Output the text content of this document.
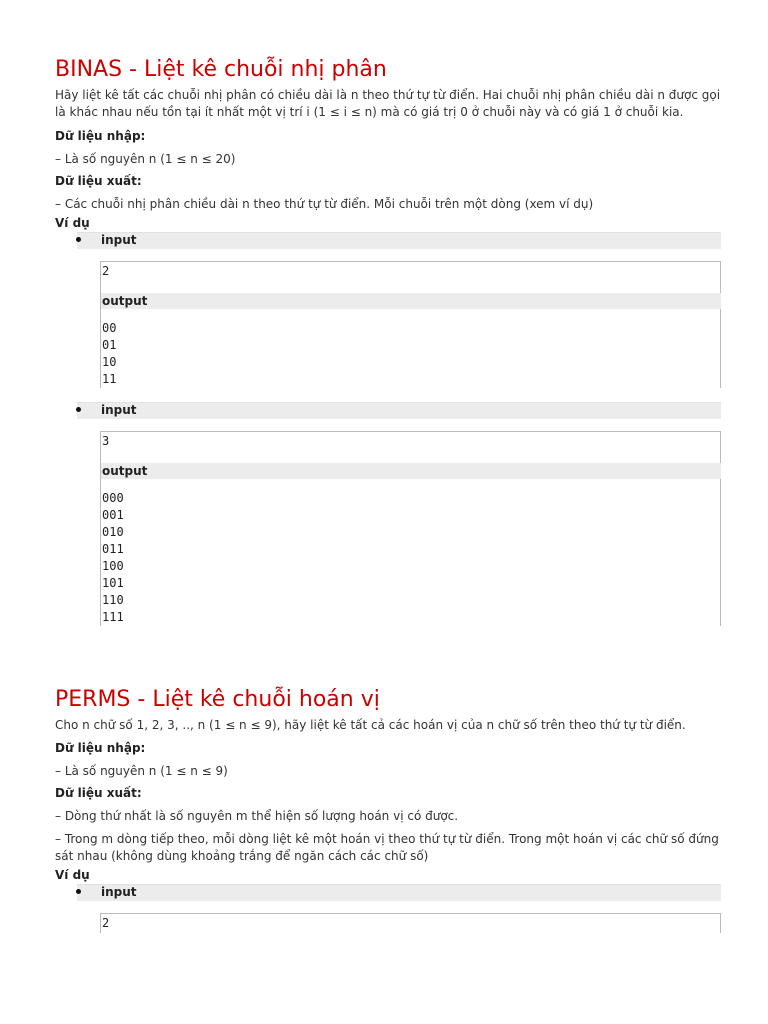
BINAS - Liệt kê chuỗi nhị phân

Hãy liệt kê tất các chuỗi nhị phân có chiều dài là n theo thứ tự từ điển. Hai chuỗi nhị phân chiều dài n được gọi là khác nhau nếu tồn tại ít nhất một vị trí i (1 ≤ i ≤ n) mà có giá trị 0 ở chuỗi này và có giá 1 ở chuỗi kia.

Dữ liệu nhập:

– Là số nguyên n (1 ≤ n ≤ 20)

Dữ liệu xuất:

– Các chuỗi nhị phân chiều dài n theo thứ tự từ điển. Mỗi chuỗi trên một dòng (xem ví dụ)

Ví dụ

input
2
output
00
01
10
11
input
3
output
000
001
010
011
100
101
110
111
PERMS - Liệt kê chuỗi hoán vị

Cho n chữ số 1, 2, 3, .., n (1 ≤ n ≤ 9), hãy liệt kê tất cả các hoán vị của n chữ số trên theo thứ tự từ điển.

Dữ liệu nhập:

– Là số nguyên n (1 ≤ n ≤ 9)

Dữ liệu xuất:

– Dòng thứ nhất là số nguyên m thể hiện số lượng hoán vị có được.

– Trong m dòng tiếp theo, mỗi dòng liệt kê một hoán vị theo thứ tự từ điển. Trong một hoán vị các chữ số đứng sát nhau (không dùng khoảng trắng để ngăn cách các chữ số)

Ví dụ

input
2
